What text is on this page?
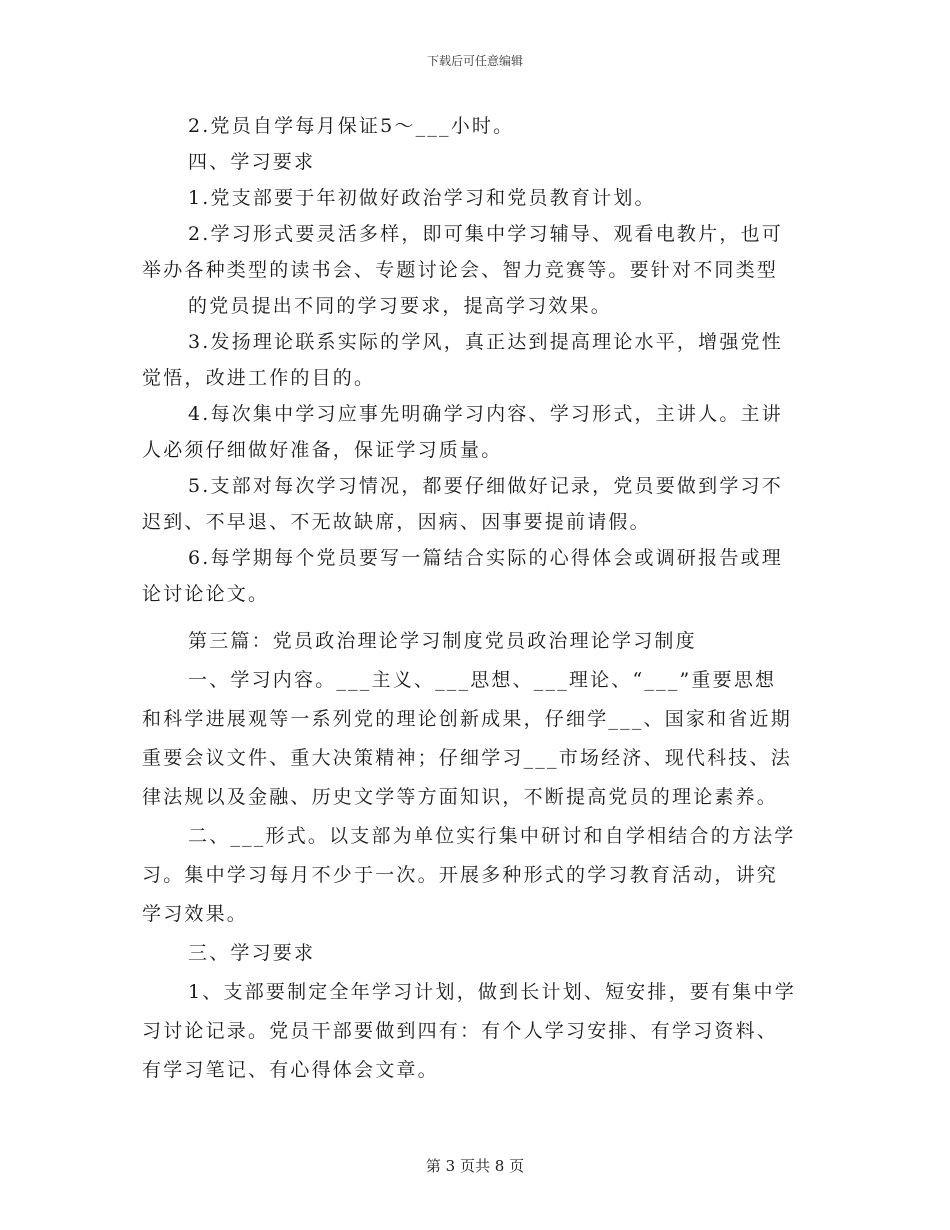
下载后可任意编辑
2.党员自学每月保证5～___小时。
四、学习要求
1.党支部要于年初做好政治学习和党员教育计划。
2.学习形式要灵活多样，即可集中学习辅导、观看电教片，也可
举办各种类型的读书会、专题讨论会、智力竞赛等。要针对不同类型
的党员提出不同的学习要求，提高学习效果。
3.发扬理论联系实际的学风，真正达到提高理论水平，增强党性
觉悟，改进工作的目的。
4.每次集中学习应事先明确学习内容、学习形式，主讲人。主讲
人必须仔细做好准备，保证学习质量。
5.支部对每次学习情况，都要仔细做好记录，党员要做到学习不
迟到、不早退、不无故缺席，因病、因事要提前请假。
6.每学期每个党员要写一篇结合实际的心得体会或调研报告或理
论讨论论文。
第三篇：党员政治理论学习制度党员政治理论学习制度
一、学习内容。___主义、___思想、___理论、“___”重要思想
和科学进展观等一系列党的理论创新成果，仔细学___、国家和省近期
重要会议文件、重大决策精神；仔细学习___市场经济、现代科技、法
律法规以及金融、历史文学等方面知识，不断提高党员的理论素养。
二、___形式。以支部为单位实行集中研讨和自学相结合的方法学
习。集中学习每月不少于一次。开展多种形式的学习教育活动，讲究
学习效果。
三、学习要求
1、支部要制定全年学习计划，做到长计划、短安排，要有集中学
习讨论记录。党员干部要做到四有：有个人学习安排、有学习资料、
有学习笔记、有心得体会文章。
第 3 页共 8 页
